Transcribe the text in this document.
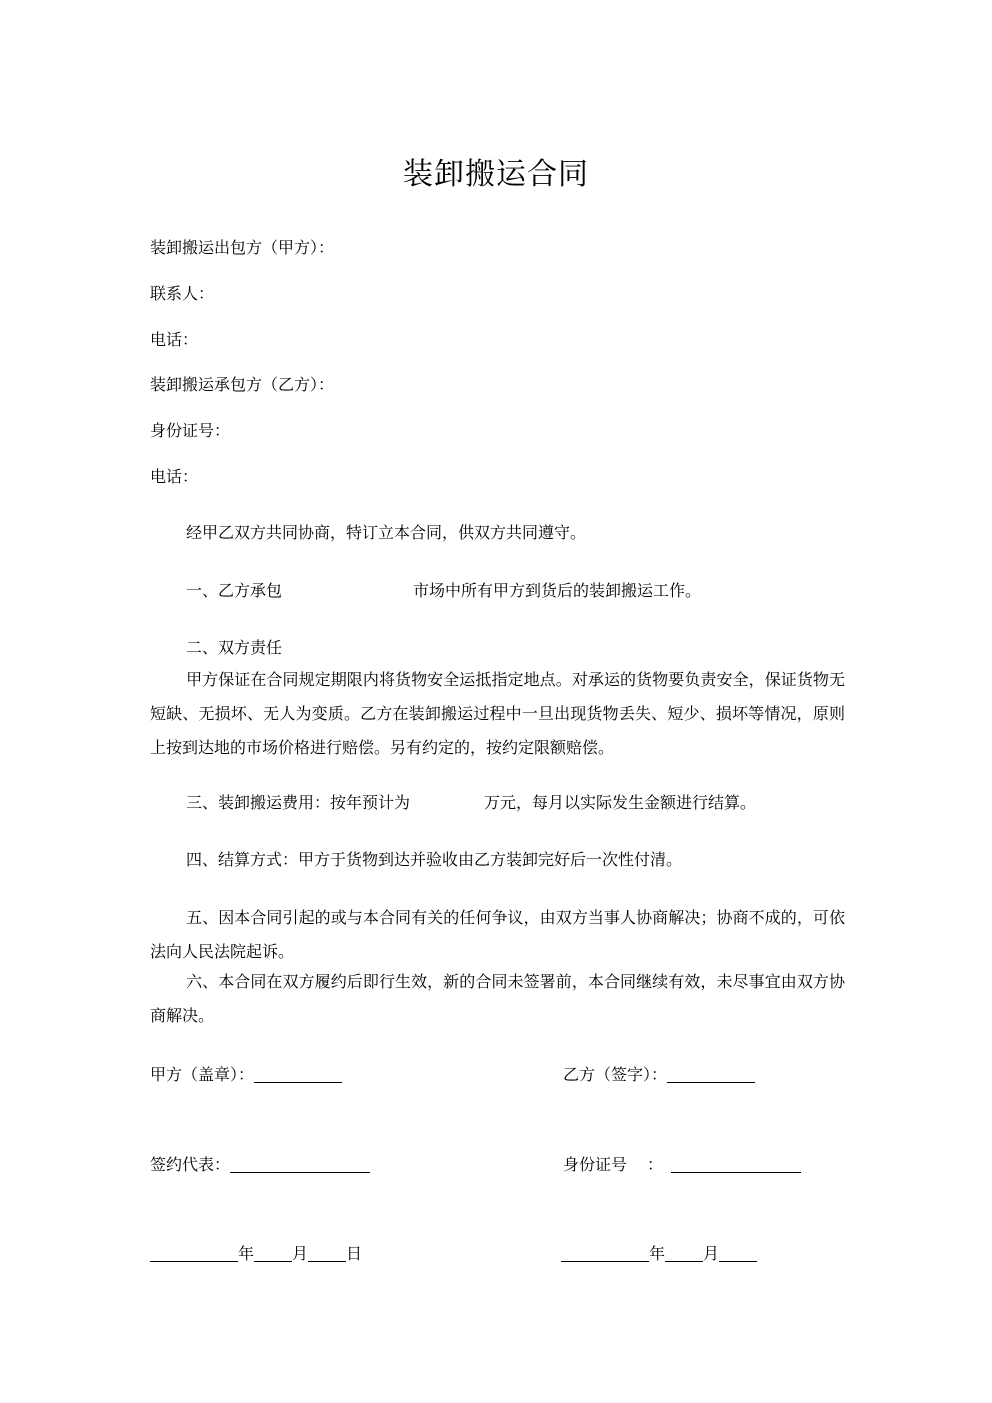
装卸搬运合同
装卸搬运出包方（甲方）：
联系人：
电话：
装卸搬运承包方（乙方）：
身份证号：
电话：
经甲乙双方共同协商，特订立本合同，供双方共同遵守。
一、乙方承包	市场中所有甲方到货后的装卸搬运工作。
二、双方责任
甲方保证在合同规定期限内将货物安全运抵指定地点。对承运的货物要负责安全，保证货物无短缺、无损坏、无人为变质。乙方在装卸搬运过程中一旦出现货物丢失、短少、损坏等情况，原则上按到达地的市场价格进行赔偿。另有约定的，按约定限额赔偿。
三、装卸搬运费用：按年预计为	万元，每月以实际发生金额进行结算。
四、结算方式：甲方于货物到达并验收由乙方装卸完好后一次性付清。
五、因本合同引起的或与本合同有关的任何争议，由双方当事人协商解决；协商不成的，可依法向人民法院起诉。
六、本合同在双方履约后即行生效，新的合同未签署前，本合同继续有效，未尽事宜由双方协商解决。
甲方（盖章）：	乙方（签字）：
签约代表：	身份证号 ：
年 月 日	年 月
